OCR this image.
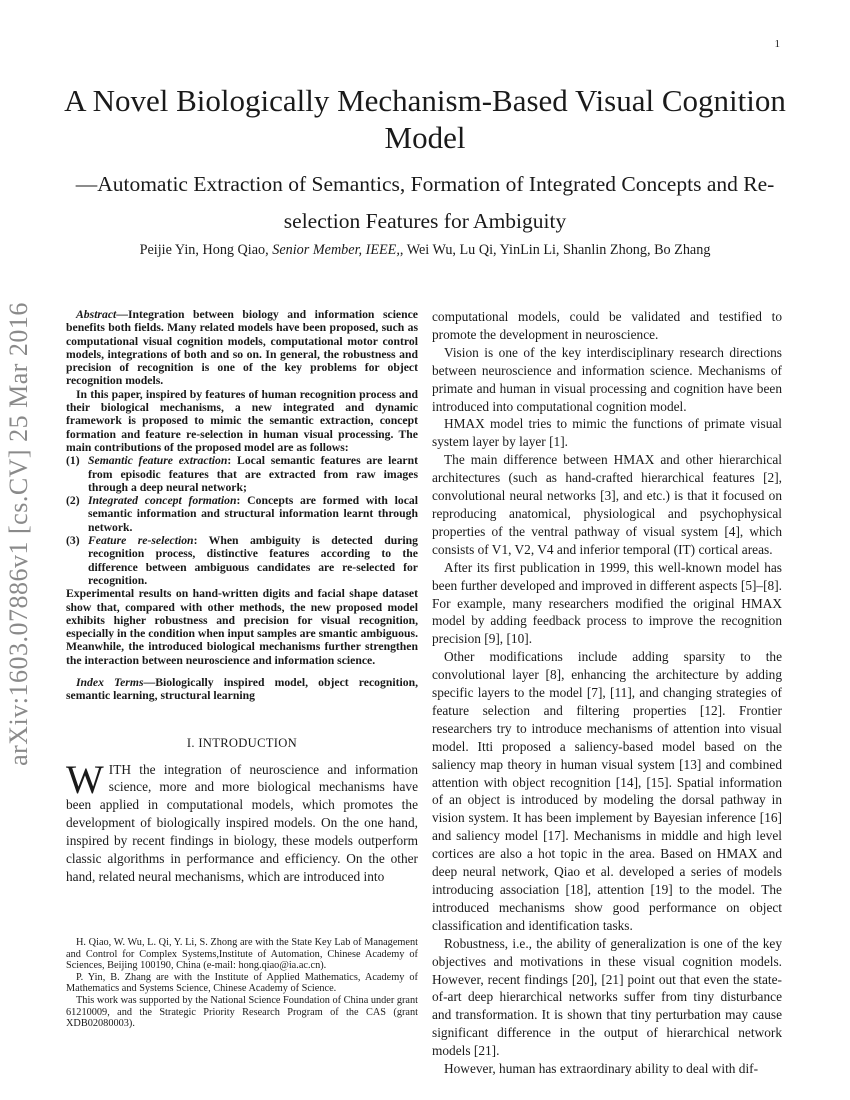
1
arXiv:1603.07886v1 [cs.CV] 25 Mar 2016
A Novel Biologically Mechanism-Based Visual Cognition Model
—Automatic Extraction of Semantics, Formation of Integrated Concepts and Re-selection Features for Ambiguity

Peijie Yin, Hong Qiao, Senior Member, IEEE,, Wei Wu, Lu Qi, YinLin Li, Shanlin Zhong, Bo Zhang

Abstract—Integration between biology and information science benefits both fields. Many related models have been proposed, such as computational visual cognition models, computational motor control models, integrations of both and so on. In general, the robustness and precision of recognition is one of the key problems for object recognition models.

In this paper, inspired by features of human recognition process and their biological mechanisms, a new integrated and dynamic framework is proposed to mimic the semantic extraction, concept formation and feature re-selection in human visual processing. The main contributions of the proposed model are as follows:

(1) Semantic feature extraction: Local semantic features are learnt from episodic features that are extracted from raw images through a deep neural network;
(2) Integrated concept formation: Concepts are formed with local semantic information and structural information learnt through network.
(3) Feature re-selection: When ambiguity is detected during recognition process, distinctive features according to the difference between ambiguous candidates are re-selected for recognition.

Experimental results on hand-written digits and facial shape dataset show that, compared with other methods, the new proposed model exhibits higher robustness and precision for visual recognition, especially in the condition when input samples are smantic ambiguous. Meanwhile, the introduced biological mechanisms further strengthen the interaction between neuroscience and information science.

Index Terms—Biologically inspired model, object recognition, semantic learning, structural learning

I. INTRODUCTION

WITH the integration of neuroscience and information science, more and more biological mechanisms have been applied in computational models, which promotes the development of biologically inspired models. On the one hand, inspired by recent findings in biology, these models outperform classic algorithms in performance and efficiency. On the other hand, related neural mechanisms, which are introduced into

H. Qiao, W. Wu, L. Qi, Y. Li, S. Zhong are with the State Key Lab of Management and Control for Complex Systems,Institute of Automation, Chinese Academy of Sciences, Beijing 100190, China (e-mail: hong.qiao@ia.ac.cn).

P. Yin, B. Zhang are with the Institute of Applied Mathematics, Academy of Mathematics and Systems Science, Chinese Academy of Science.

This work was supported by the National Science Foundation of China under grant 61210009, and the Strategic Priority Research Program of the CAS (grant XDB02080003).

computational models, could be validated and testified to promote the development in neuroscience.

Vision is one of the key interdisciplinary research directions between neuroscience and information science. Mechanisms of primate and human in visual processing and cognition have been introduced into computational cognition model.

HMAX model tries to mimic the functions of primate visual system layer by layer [1].

The main difference between HMAX and other hierarchical architectures (such as hand-crafted hierarchical features [2], convolutional neural networks [3], and etc.) is that it focused on reproducing anatomical, physiological and psychophysical properties of the ventral pathway of visual system [4], which consists of V1, V2, V4 and inferior temporal (IT) cortical areas.

After its first publication in 1999, this well-known model has been further developed and improved in different aspects [5]–[8]. For example, many researchers modified the original HMAX model by adding feedback process to improve the recognition precision [9], [10].

Other modifications include adding sparsity to the convolutional layer [8], enhancing the architecture by adding specific layers to the model [7], [11], and changing strategies of feature selection and filtering properties [12]. Frontier researchers try to introduce mechanisms of attention into visual model. Itti proposed a saliency-based model based on the saliency map theory in human visual system [13] and combined attention with object recognition [14], [15]. Spatial information of an object is introduced by modeling the dorsal pathway in vision system. It has been implement by Bayesian inference [16] and saliency model [17]. Mechanisms in middle and high level cortices are also a hot topic in the area. Based on HMAX and deep neural network, Qiao et al. developed a series of models introducing association [18], attention [19] to the model. The introduced mechanisms show good performance on object classification and identification tasks.

Robustness, i.e., the ability of generalization is one of the key objectives and motivations in these visual cognition models. However, recent findings [20], [21] point out that even the state-of-art deep hierarchical networks suffer from tiny disturbance and transformation. It is shown that tiny perturbation may cause significant difference in the output of hierarchical network models [21].

However, human has extraordinary ability to deal with dif-
